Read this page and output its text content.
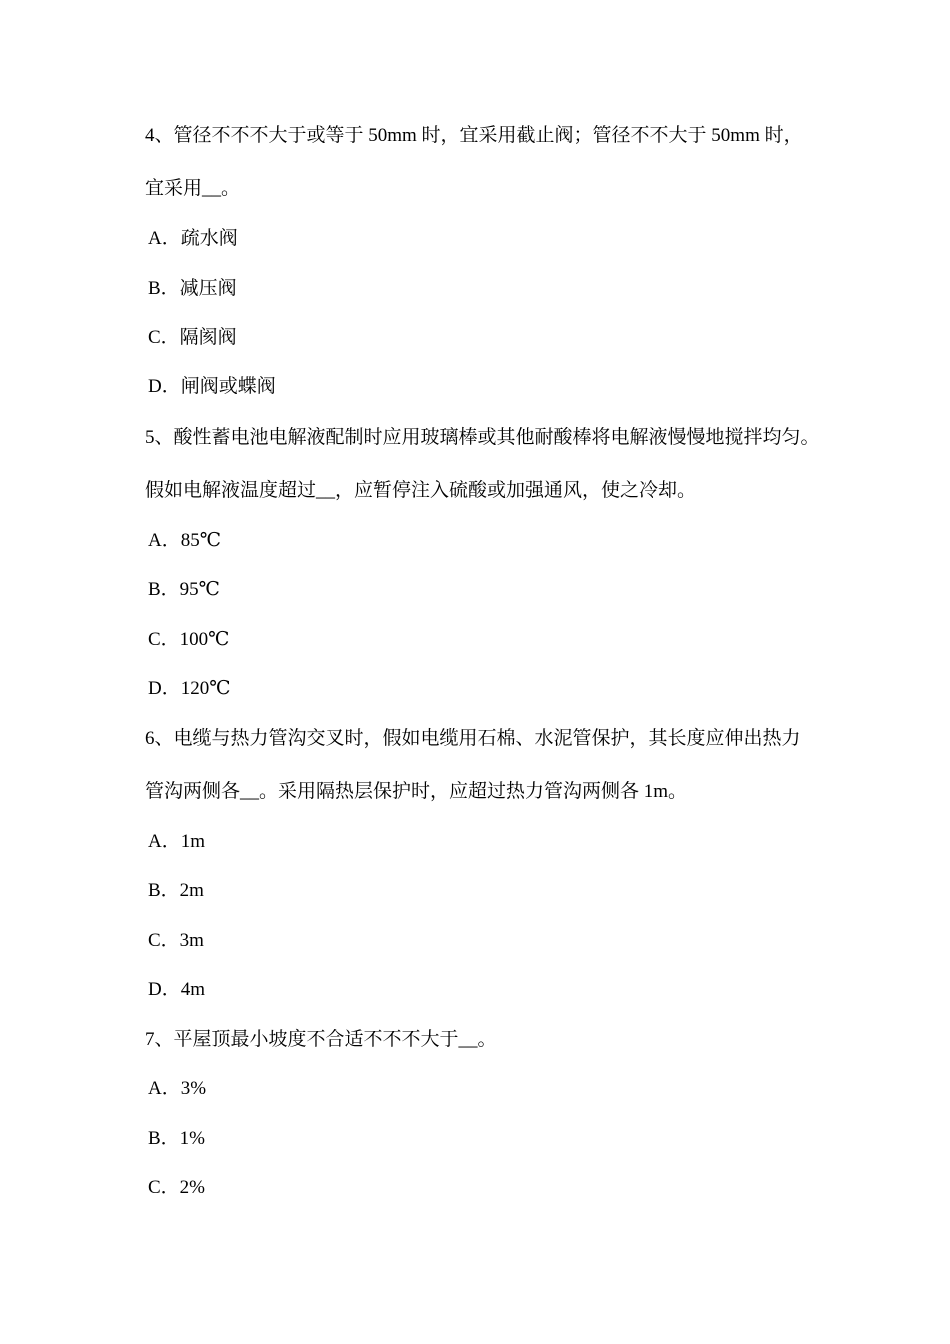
4、管径不不不大于或等于 50mm 时，宜采用截止阀；管径不不大于 50mm 时，
宜采用__。
A．疏水阀
B．减压阀
C．隔阂阀
D．闸阀或蝶阀
5、酸性蓄电池电解液配制时应用玻璃棒或其他耐酸棒将电解液慢慢地搅拌均匀。
假如电解液温度超过__，应暂停注入硫酸或加强通风，使之冷却。
A．85℃
B．95℃
C．100℃
D．120℃
6、电缆与热力管沟交叉时，假如电缆用石棉、水泥管保护，其长度应伸出热力
管沟两侧各__。采用隔热层保护时，应超过热力管沟两侧各 1m。
A．1m
B．2m
C．3m
D．4m
7、平屋顶最小坡度不合适不不不大于__。
A．3%
B．1%
C．2%
